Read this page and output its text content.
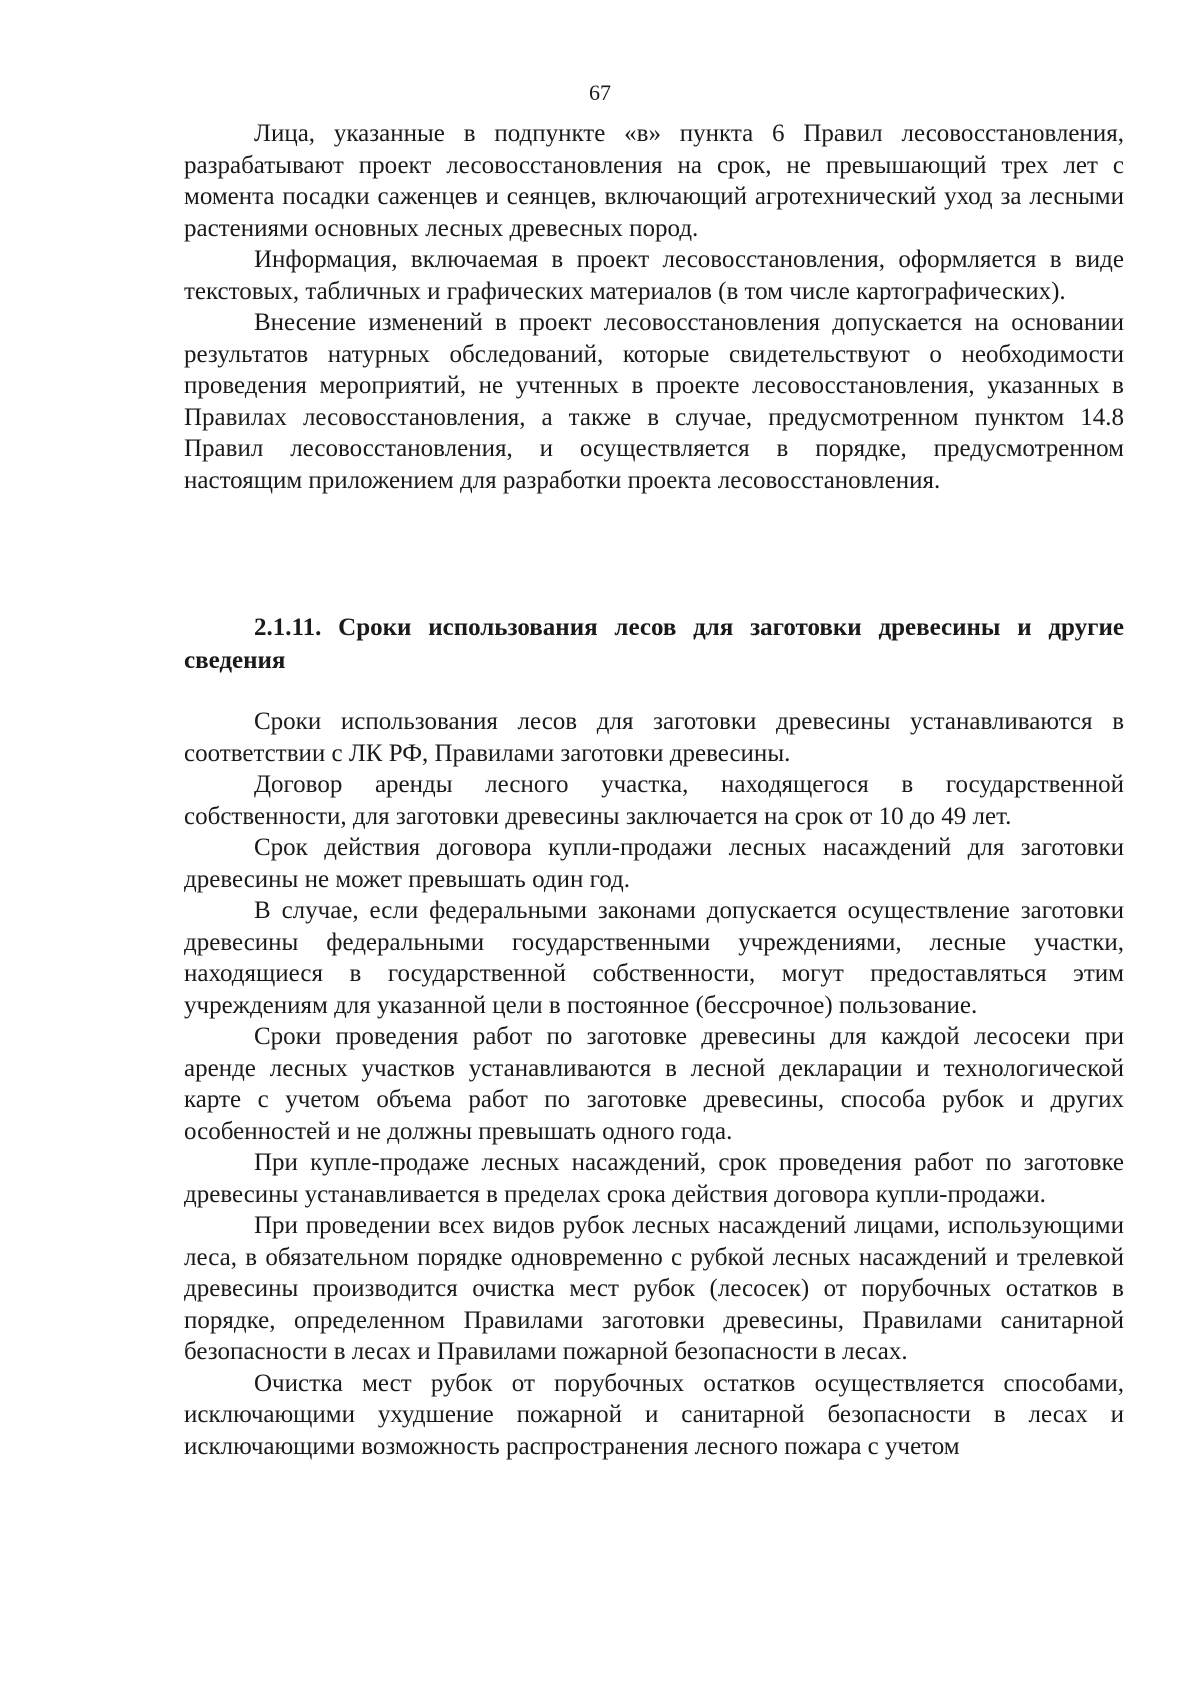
67

Лица, указанные в подпункте «в» пункта 6 Правил лесовосстановления, разрабатывают проект лесовосстановления на срок, не превышающий трех лет с момента посадки саженцев и сеянцев, включающий агротехнический уход за лесными растениями основных лесных древесных пород.

Информация, включаемая в проект лесовосстановления, оформляется в виде текстовых, табличных и графических материалов (в том числе картографических).

Внесение изменений в проект лесовосстановления допускается на основании результатов натурных обследований, которые свидетельствуют о необходимости проведения мероприятий, не учтенных в проекте лесовосстановления, указанных в Правилах лесовосстановления, а также в случае, предусмотренном пунктом 14.8 Правил лесовосстановления, и осуществляется в порядке, предусмотренном настоящим приложением для разработки проекта лесовосстановления.

2.1.11. Сроки использования лесов для заготовки древесины и другие сведения

Сроки использования лесов для заготовки древесины устанавливаются в соответствии с ЛК РФ, Правилами заготовки древесины.

Договор аренды лесного участка, находящегося в государственной собственности, для заготовки древесины заключается на срок от 10 до 49 лет.

Срок действия договора купли-продажи лесных насаждений для заготовки древесины не может превышать один год.

В случае, если федеральными законами допускается осуществление заготовки древесины федеральными государственными учреждениями, лесные участки, находящиеся в государственной собственности, могут предоставляться этим учреждениям для указанной цели в постоянное (бессрочное) пользование.

Сроки проведения работ по заготовке древесины для каждой лесосеки при аренде лесных участков устанавливаются в лесной декларации и технологической карте с учетом объема работ по заготовке древесины, способа рубок и других особенностей и не должны превышать одного года.

При купле-продаже лесных насаждений, срок проведения работ по заготовке древесины устанавливается в пределах срока действия договора купли-продажи.

При проведении всех видов рубок лесных насаждений лицами, использующими леса, в обязательном порядке одновременно с рубкой лесных насаждений и трелевкой древесины производится очистка мест рубок (лесосек) от порубочных остатков в порядке, определенном Правилами заготовки древесины, Правилами санитарной безопасности в лесах и Правилами пожарной безопасности в лесах.

Очистка мест рубок от порубочных остатков осуществляется способами, исключающими ухудшение пожарной и санитарной безопасности в лесах и исключающими возможность распространения лесного пожара с учетом
